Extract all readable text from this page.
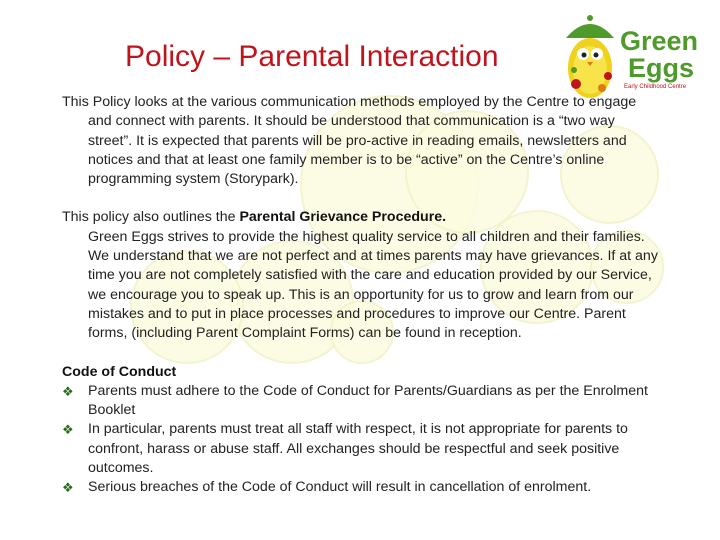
Policy – Parental Interaction	Green
Eggs
Early Childhood Centre

This Policy looks at the various communication methods employed by the Centre to engage and connect with parents. It should be understood that communication is a “two way street”. It is expected that parents will be pro-active in reading emails, newsletters and notices and that at least one family member is to be “active” on the Centre’s online programming system (Storypark).

This policy also outlines the Parental Grievance Procedure.
Green Eggs strives to provide the highest quality service to all children and their families. We understand that we are not perfect and at times parents may have grievances. If at any time you are not completely satisfied with the care and education provided by our Service, we encourage you to speak up. This is an opportunity for us to grow and learn from our mistakes and to put in place processes and procedures to improve our Centre. Parent forms, (including Parent Complaint Forms) can be found in reception.

Code of Conduct

❖ Parents must adhere to the Code of Conduct for Parents/Guardians as per the Enrolment Booklet

❖ In particular, parents must treat all staff with respect, it is not appropriate for parents to confront, harass or abuse staff. All exchanges should be respectful and seek positive outcomes.

❖ Serious breaches of the Code of Conduct will result in cancellation of enrolment.
